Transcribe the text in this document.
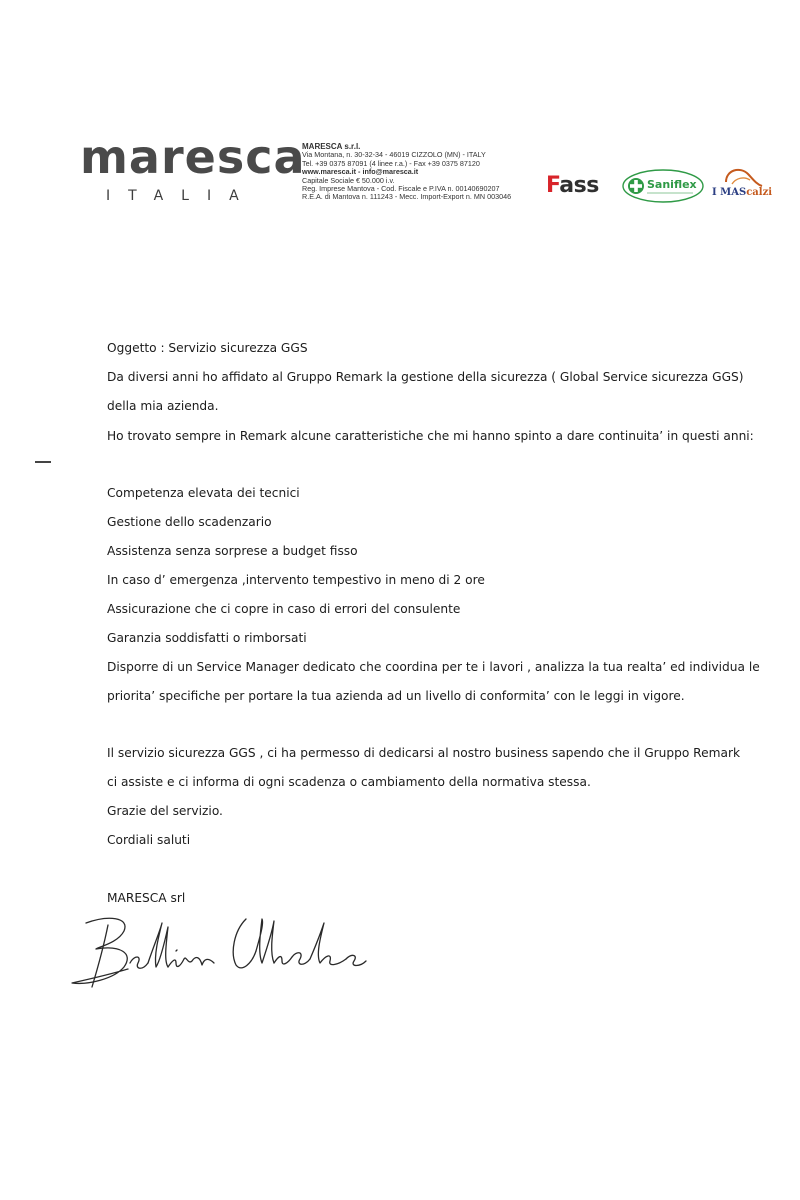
maresca
ITALIA
MARESCA s.r.l.
Via Montana, n. 30-32-34 - 46019 CIZZOLO (MN) - ITALY
Tel. +39 0375 87091 (4 linee r.a.) - Fax +39 0375 87120
www.maresca.it - info@maresca.it
Capitale Sociale € 50.000 i.v.
Reg. Imprese Mantova - Cod. Fiscale e P.IVA n. 00140690207
R.E.A. di Mantova n. 111243 - Mecc. Import-Export n. MN 003046	Fass	Saniflex
I MAScalzi
Oggetto : Servizio sicurezza GGS
Da diversi anni ho affidato al Gruppo Remark la gestione della sicurezza ( Global Service sicurezza GGS)
della mia azienda.
Ho trovato sempre in Remark alcune caratteristiche che mi hanno spinto a dare continuita’ in questi anni:
Competenza elevata dei tecnici
Gestione dello scadenzario
Assistenza senza sorprese a budget fisso
In caso d’ emergenza ,intervento tempestivo in meno di 2 ore
Assicurazione che ci copre in caso di errori del consulente
Garanzia soddisfatti o rimborsati
Disporre di un Service Manager dedicato che coordina per te i lavori , analizza la tua realta’ ed individua le
priorita’ specifiche per portare la tua azienda ad un livello di conformita’ con le leggi in vigore.
Il servizio sicurezza GGS , ci ha permesso di dedicarsi al nostro business sapendo che il Gruppo Remark
ci assiste e ci informa di ogni scadenza o cambiamento della normativa stessa.
Grazie del servizio.
Cordiali saluti
MARESCA srl
